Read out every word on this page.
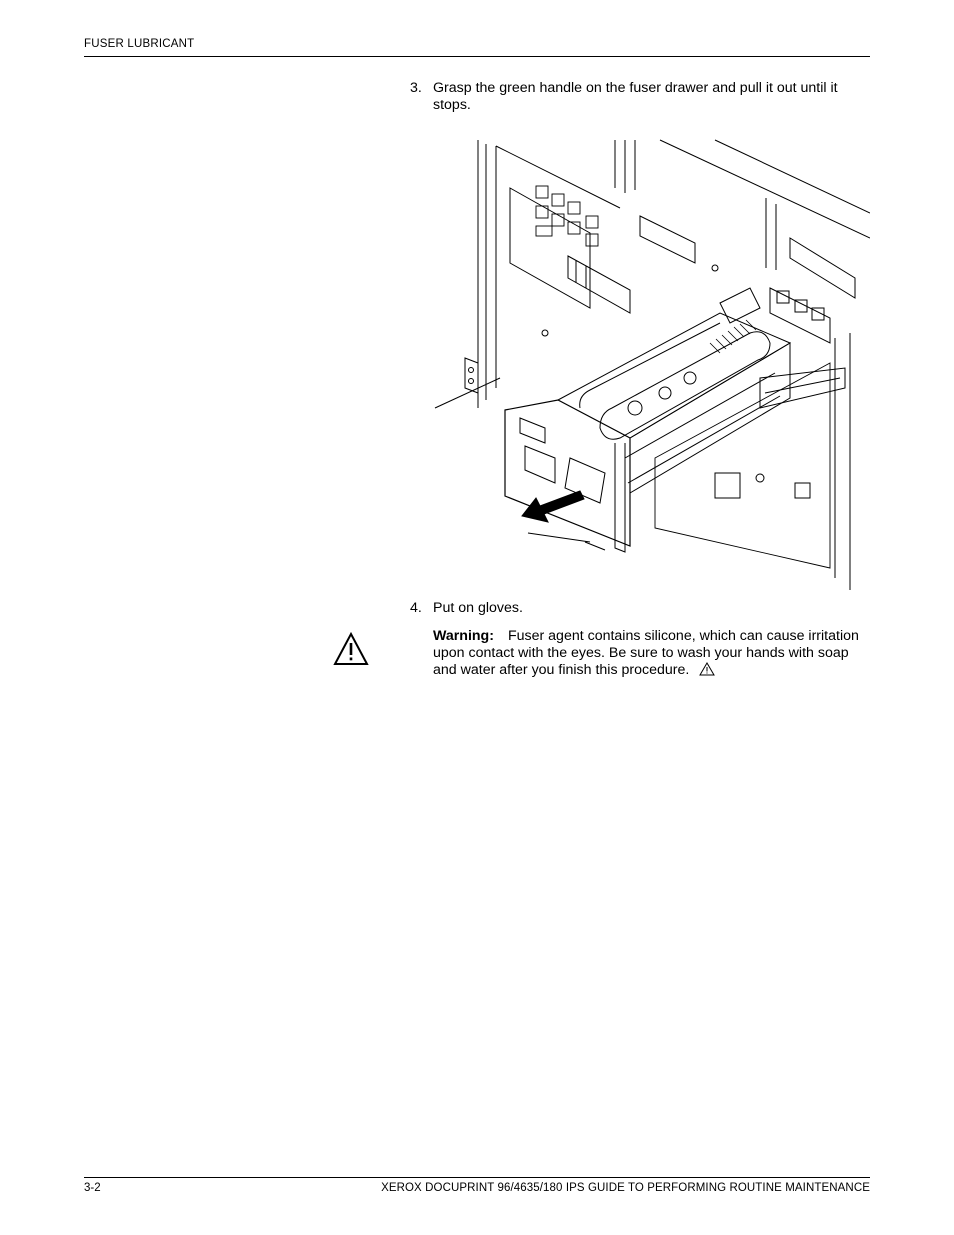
FUSER LUBRICANT
3. Grasp the green handle on the fuser drawer and pull it out until it stops.
4. Put on gloves.
Warning: Fuser agent contains silicone, which can cause irritation upon contact with the eyes. Be sure to wash your hands with soap and water after you finish this procedure.
3-2	XEROX DOCUPRINT 96/4635/180 IPS GUIDE TO PERFORMING ROUTINE MAINTENANCE
